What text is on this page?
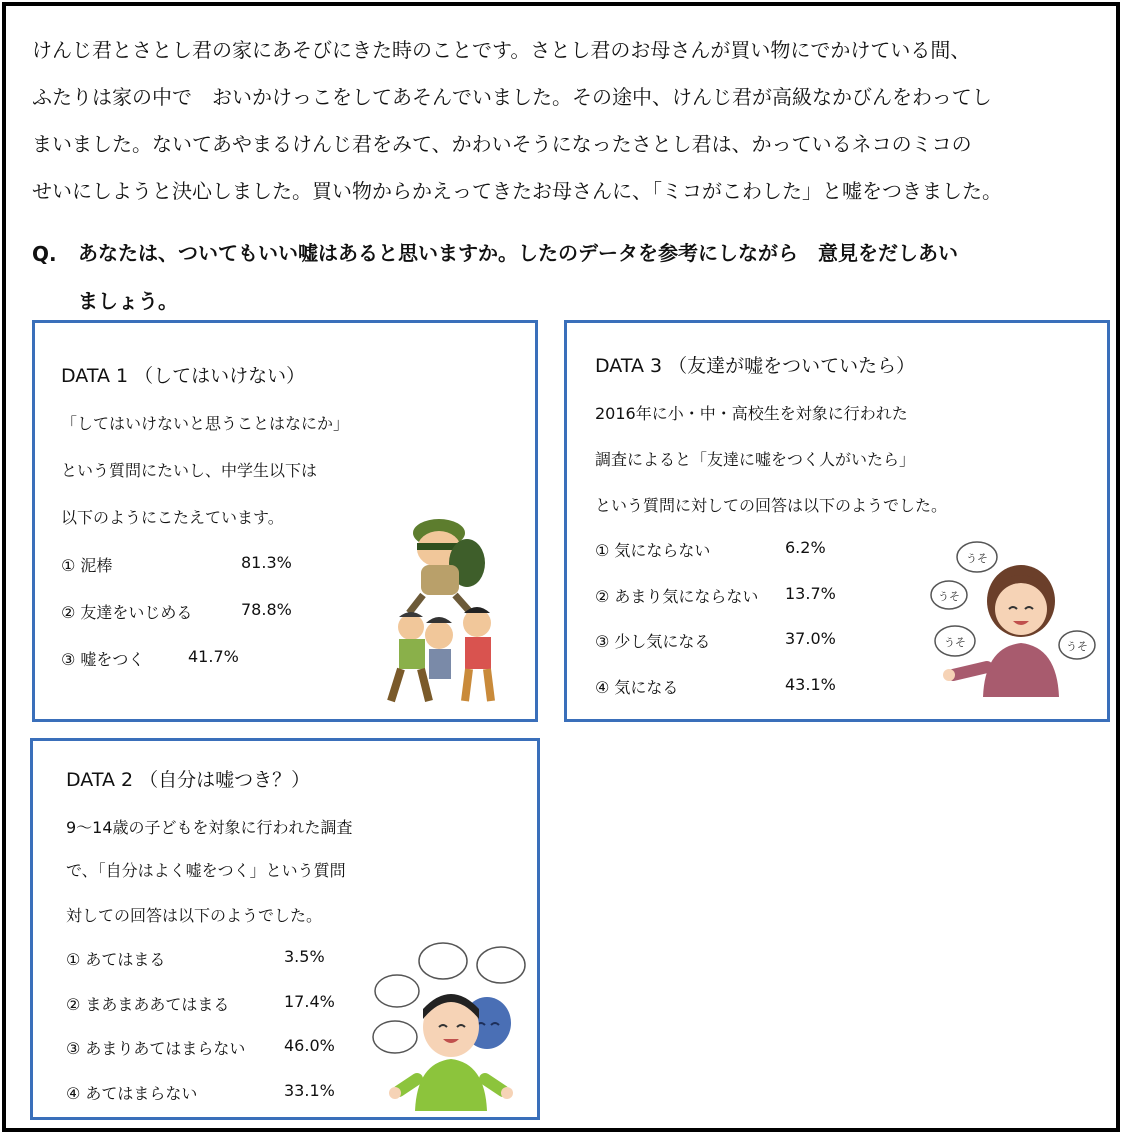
けんじ君とさとし君の家にあそびにきた時のことです。さとし君のお母さんが買い物にでかけている間、
ふたりは家の中で　おいかけっこをしてあそんでいました。その途中、けんじ君が高級なかびんをわってし
まいました。ないてあやまるけんじ君をみて、かわいそうになったさとし君は、かっているネコのミコの
せいにしようと決心しました。買い物からかえってきたお母さんに、「ミコがこわした」と嘘をつきました。
Q.	あなたは、ついてもいい嘘はあると思いますか。したのデータを参考にしながら　意見をだしあい
ましょう。
DATA 1 （してはいけない）
「してはいけないと思うことはなにか」
という質問にたいし、中学生以下は
以下のようにこたえています。
① 泥棒	81.3%
② 友達をいじめる	78.8%
③ 嘘をつく	41.7%
DATA 3 （友達が嘘をついていたら）
2016年に小・中・高校生を対象に行われた
調査によると「友達に嘘をつく人がいたら」
という質問に対しての回答は以下のようでした。
① 気にならない	6.2%
② あまり気にならない 13.7%
③ 少し気になる	37.0%
④ 気になる	43.1%
うそ
うそ
うそ	うそ
DATA 2 （自分は嘘つき？）
9～14歳の子どもを対象に行われた調査
で、「自分はよく嘘をつく」という質問
対しての回答は以下のようでした。
① あてはまる	3.5%
② まあまああてはまる	17.4%
③ あまりあてはまらない 46.0%
④ あてはまらない	33.1%
